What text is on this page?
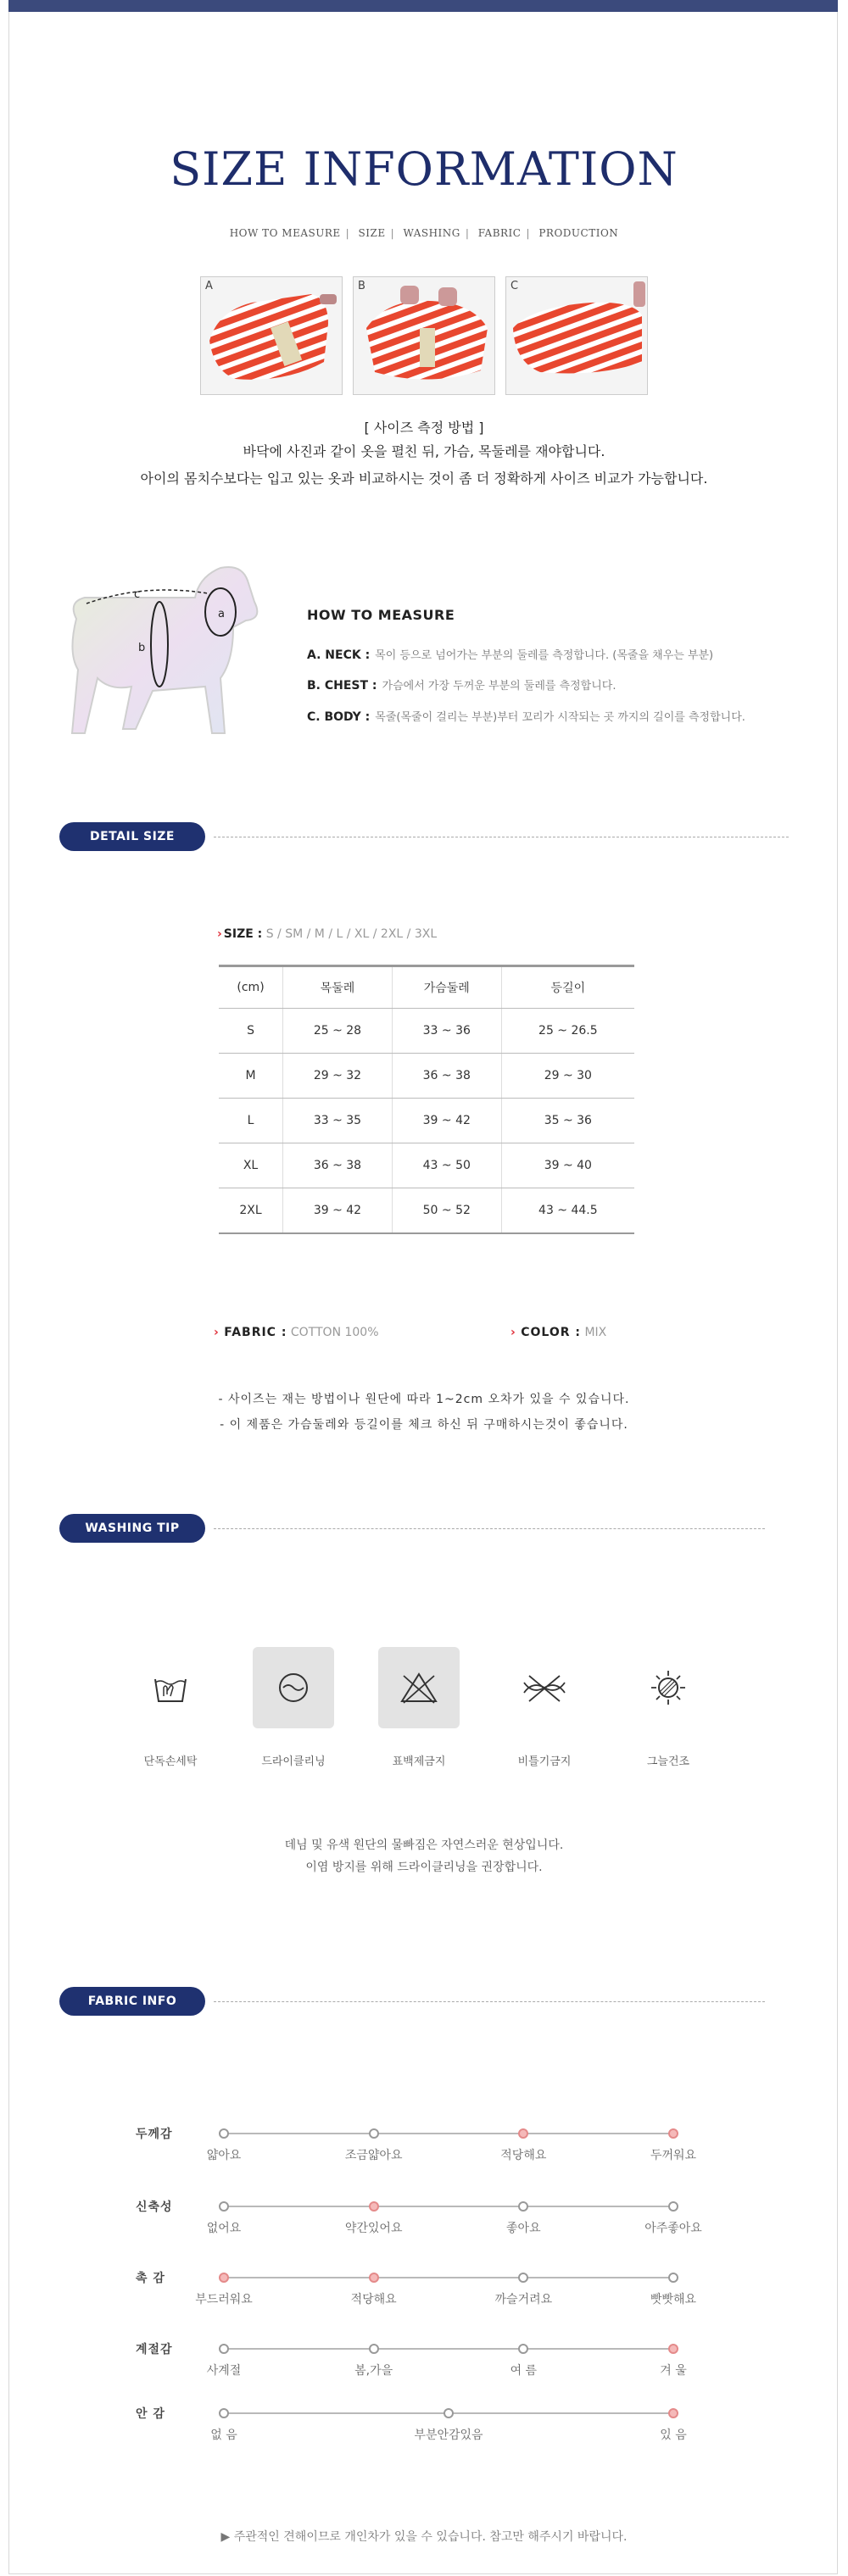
SIZE INFORMATION
HOW TO MEASURE | SIZE | WASHING | FABRIC | PRODUCTION
A	B	C
[ 사이즈 측정 방법 ]
바닥에 사진과 같이 옷을 펼친 뒤, 가슴, 목둘레를 재야합니다.
아이의 몸치수보다는 입고 있는 옷과 비교하시는 것이 좀 더 정확하게 사이즈 비교가 가능합니다.
c
a
b
HOW TO MEASURE
A. NECK : 목이 등으로 넘어가는 부분의 둘레를 측정합니다. (목줄을 채우는 부분)
B. CHEST : 가슴에서 가장 두꺼운 부분의 둘레를 측정합니다.
C. BODY : 목줄(목줄이 걸리는 부분)부터 꼬리가 시작되는 곳 까지의 길이를 측정합니다.
DETAIL SIZE
› SIZE : S / SM / M / L / XL / 2XL / 3XL
(cm)	목둘레	가슴둘레	등길이
S	25 ~ 28	33 ~ 36	25 ~ 26.5
M	29 ~ 32	36 ~ 38	29 ~ 30
L	33 ~ 35	39 ~ 42	35 ~ 36
XL	36 ~ 38	43 ~ 50	39 ~ 40
2XL	39 ~ 42	50 ~ 52	43 ~ 44.5
› FABRIC : COTTON 100%	› COLOR : MIX
- 사이즈는 재는 방법이나 원단에 따라 1~2cm 오차가 있을 수 있습니다.
- 이 제품은 가슴둘레와 등길이를 체크 하신 뒤 구매하시는것이 좋습니다.
WASHING TIP
단독손세탁	드라이클리닝	표백제금지	비틀기금지	그늘건조
데님 및 유색 원단의 물빠짐은 자연스러운 현상입니다.
이염 방지를 위해 드라이클리닝을 권장합니다.
FABRIC INFO
두께감
얇아요	조금얇아요	적당해요	두꺼워요
신축성
없어요	약간있어요	좋아요	아주좋아요
촉 감
부드러워요	적당해요	까슬거려요	빳빳해요
계절감
사계절	봄,가을	여 름	겨 울
안 감
없 음	부분안감있음	있 음
▶ 주관적인 견해이므로 개인차가 있을 수 있습니다. 참고만 해주시기 바랍니다.
